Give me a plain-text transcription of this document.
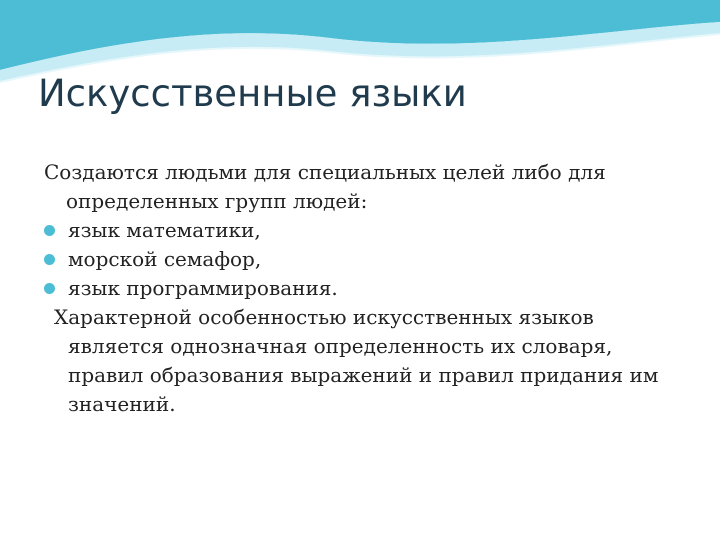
Искусственные языки

Создаются людьми для специальных целей либо для определенных групп людей:

язык математики,
морской семафор,
язык программирования.

Характерной особенностью искусственных языков является однозначная определенность их словаря, правил образования выражений и правил придания им значений.
